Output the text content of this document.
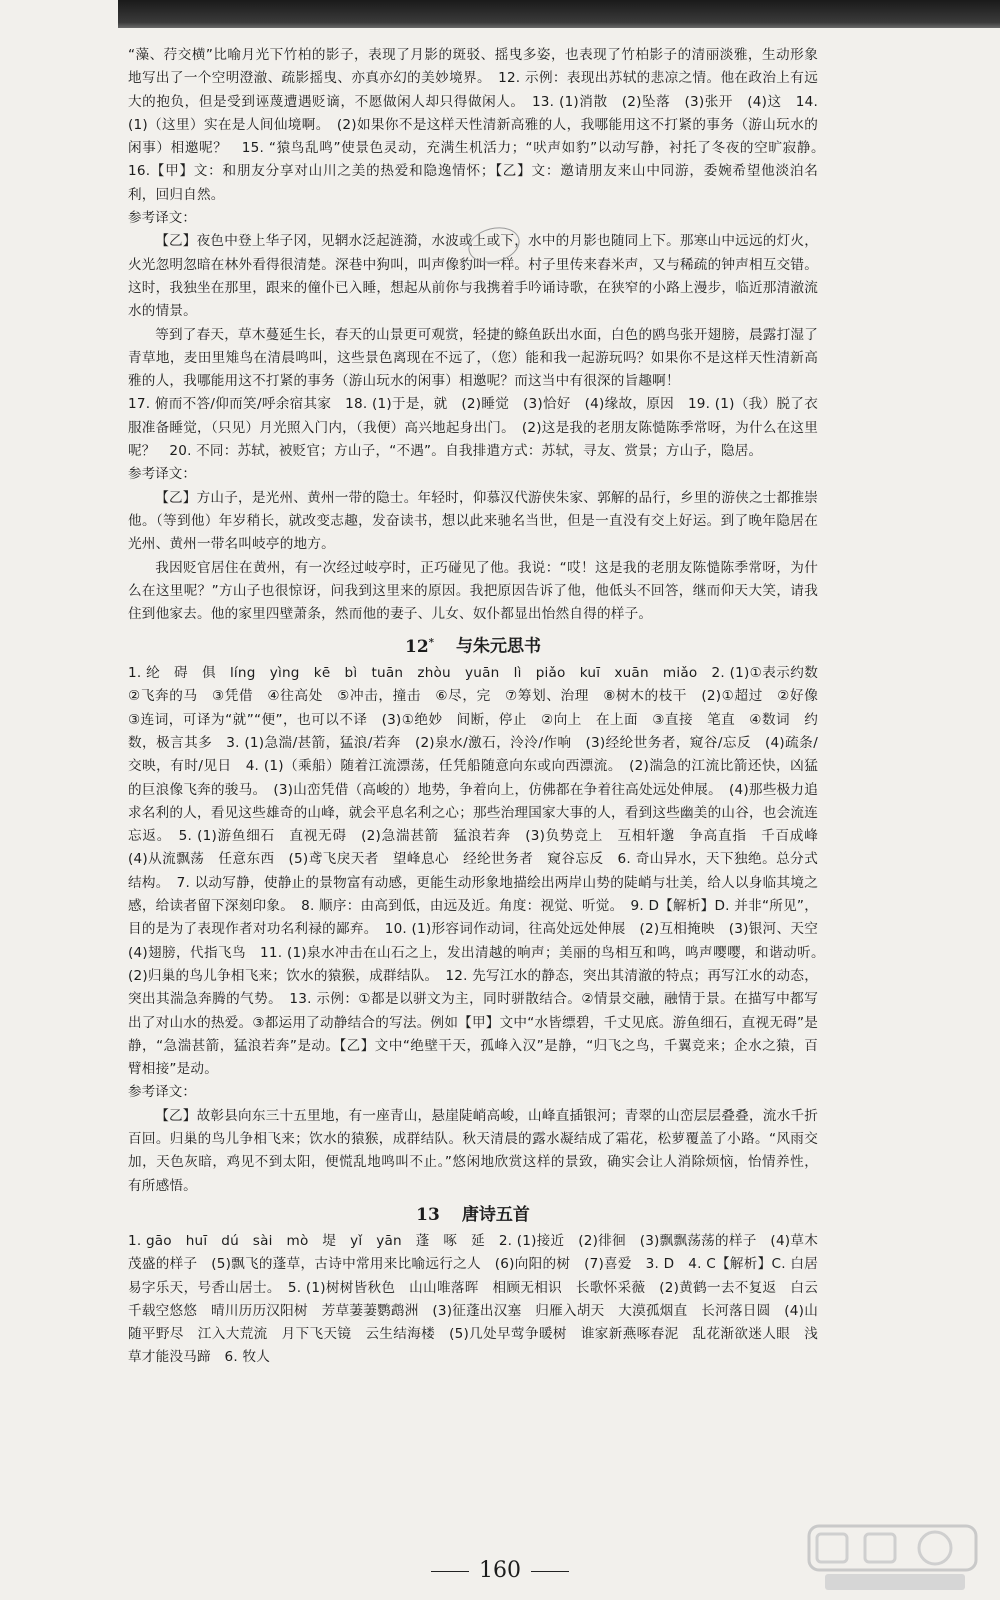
“藻、荇交横”比喻月光下竹柏的影子，表现了月影的斑驳、摇曳多姿，也表现了竹柏影子的清丽淡雅，生动形象地写出了一个空明澄澈、疏影摇曳、亦真亦幻的美妙境界。　12. 示例：表现出苏轼的悲凉之情。他在政治上有远大的抱负，但是受到诬蔑遭遇贬谪，不愿做闲人却只得做闲人。　13. (1)消散　(2)坠落　(3)张开　(4)这　14. (1)（这里）实在是人间仙境啊。　(2)如果你不是这样天性清新高雅的人，我哪能用这不打紧的事务（游山玩水的闲事）相邀呢？　15. “猿鸟乱鸣”使景色灵动，充满生机活力；“吠声如豹”以动写静，衬托了冬夜的空旷寂静。　16.【甲】文：和朋友分享对山川之美的热爱和隐逸情怀；【乙】文：邀请朋友来山中同游，委婉希望他淡泊名利，回归自然。

参考译文：

【乙】夜色中登上华子冈，见辋水泛起涟漪，水波或上或下，水中的月影也随同上下。那寒山中远远的灯火，火光忽明忽暗在林外看得很清楚。深巷中狗叫，叫声像豹叫一样。村子里传来舂米声，又与稀疏的钟声相互交错。这时，我独坐在那里，跟来的僮仆已入睡，想起从前你与我携着手吟诵诗歌，在狭窄的小路上漫步，临近那清澈流水的情景。

等到了春天，草木蔓延生长，春天的山景更可观赏，轻捷的鲦鱼跃出水面，白色的鸥鸟张开翅膀，晨露打湿了青草地，麦田里雉鸟在清晨鸣叫，这些景色离现在不远了，（您）能和我一起游玩吗？如果你不是这样天性清新高雅的人，我哪能用这不打紧的事务（游山玩水的闲事）相邀呢？而这当中有很深的旨趣啊！

17. 俯而不答/仰而笑/呼余宿其家　18. (1)于是，就　(2)睡觉　(3)恰好　(4)缘故，原因　19. (1)（我）脱了衣服准备睡觉，（只见）月光照入门内，（我便）高兴地起身出门。　(2)这是我的老朋友陈慥陈季常呀，为什么在这里呢？　20. 不同：苏轼，被贬官；方山子，“不遇”。自我排遣方式：苏轼，寻友、赏景；方山子，隐居。

参考译文：

【乙】方山子，是光州、黄州一带的隐士。年轻时，仰慕汉代游侠朱家、郭解的品行，乡里的游侠之士都推崇他。（等到他）年岁稍长，就改变志趣，发奋读书，想以此来驰名当世，但是一直没有交上好运。到了晚年隐居在光州、黄州一带名叫岐亭的地方。

我因贬官居住在黄州，有一次经过岐亭时，正巧碰见了他。我说：“哎！这是我的老朋友陈慥陈季常呀，为什么在这里呢？”方山子也很惊讶，问我到这里来的原因。我把原因告诉了他，他低头不回答，继而仰天大笑，请我住到他家去。他的家里四壁萧条，然而他的妻子、儿女、奴仆都显出怡然自得的样子。

12* 与朱元思书

1. 纶　碍　俱　líng　yìng　kē　bì　tuān　zhòu　yuān　lì　piǎo　kuī　xuān　miǎo　2. (1)①表示约数　②飞奔的马　③凭借　④往高处　⑤冲击，撞击　⑥尽，完　⑦筹划、治理　⑧树木的枝干　(2)①超过　②好像　③连词，可译为“就”“便”，也可以不译　(3)①绝妙　间断，停止　②向上　在上面　③直接　笔直　④数词　约数，极言其多　3. (1)急湍/甚箭，猛浪/若奔　(2)泉水/激石，泠泠/作响　(3)经纶世务者，窥谷/忘反　(4)疏条/交映，有时/见日　4. (1)（乘船）随着江流漂荡，任凭船随意向东或向西漂流。　(2)湍急的江流比箭还快，凶猛的巨浪像飞奔的骏马。　(3)山峦凭借（高峻的）地势，争着向上，仿佛都在争着往高处远处伸展。　(4)那些极力追求名利的人，看见这些雄奇的山峰，就会平息名利之心；那些治理国家大事的人，看到这些幽美的山谷，也会流连忘返。　5. (1)游鱼细石　直视无碍　(2)急湍甚箭　猛浪若奔　(3)负势竞上　互相轩邈　争高直指　千百成峰　(4)从流飘荡　任意东西　(5)鸢飞戾天者　望峰息心　经纶世务者　窥谷忘反　6. 奇山异水，天下独绝。总分式结构。　7. 以动写静，使静止的景物富有动感，更能生动形象地描绘出两岸山势的陡峭与壮美，给人以身临其境之感，给读者留下深刻印象。　8. 顺序：由高到低，由远及近。角度：视觉、听觉。　9. D【解析】D. 并非“所见”，目的是为了表现作者对功名利禄的鄙弃。　10. (1)形容词作动词，往高处远处伸展　(2)互相掩映　(3)银河、天空　(4)翅膀，代指飞鸟　11. (1)泉水冲击在山石之上，发出清越的响声；美丽的鸟相互和鸣，鸣声嘤嘤，和谐动听。　(2)归巢的鸟儿争相飞来；饮水的猿猴，成群结队。　12. 先写江水的静态，突出其清澈的特点；再写江水的动态，突出其湍急奔腾的气势。　13. 示例：①都是以骈文为主，同时骈散结合。②情景交融，融情于景。在描写中都写出了对山水的热爱。③都运用了动静结合的写法。例如【甲】文中“水皆缥碧，千丈见底。游鱼细石，直视无碍”是静，“急湍甚箭，猛浪若奔”是动。【乙】文中“绝壁干天，孤峰入汉”是静，“归飞之鸟，千翼竞来；企水之猿，百臂相接”是动。

参考译文：

【乙】故彰县向东三十五里地，有一座青山，悬崖陡峭高峻，山峰直插银河；青翠的山峦层层叠叠，流水千折百回。归巢的鸟儿争相飞来；饮水的猿猴，成群结队。秋天清晨的露水凝结成了霜花，松萝覆盖了小路。“风雨交加，天色灰暗，鸡见不到太阳，便慌乱地鸣叫不止。”悠闲地欣赏这样的景致，确实会让人消除烦恼，怡情养性，有所感悟。

13 唐诗五首

1. gāo　huī　dú　sài　mò　堤　yǐ　yān　蓬　啄　延　2. (1)接近　(2)徘徊　(3)飘飘荡荡的样子　(4)草木茂盛的样子　(5)飘飞的蓬草，古诗中常用来比喻远行之人　(6)向阳的树　(7)喜爱　3. D　4. C【解析】C. 白居易字乐天，号香山居士。　5. (1)树树皆秋色　山山唯落晖　相顾无相识　长歌怀采薇　(2)黄鹤一去不复返　白云千载空悠悠　晴川历历汉阳树　芳草萋萋鹦鹉洲　(3)征蓬出汉塞　归雁入胡天　大漠孤烟直　长河落日圆　(4)山随平野尽　江入大荒流　月下飞天镜　云生结海楼　(5)几处早莺争暖树　谁家新燕啄春泥　乱花渐欲迷人眼　浅草才能没马蹄　6. 牧人

160
